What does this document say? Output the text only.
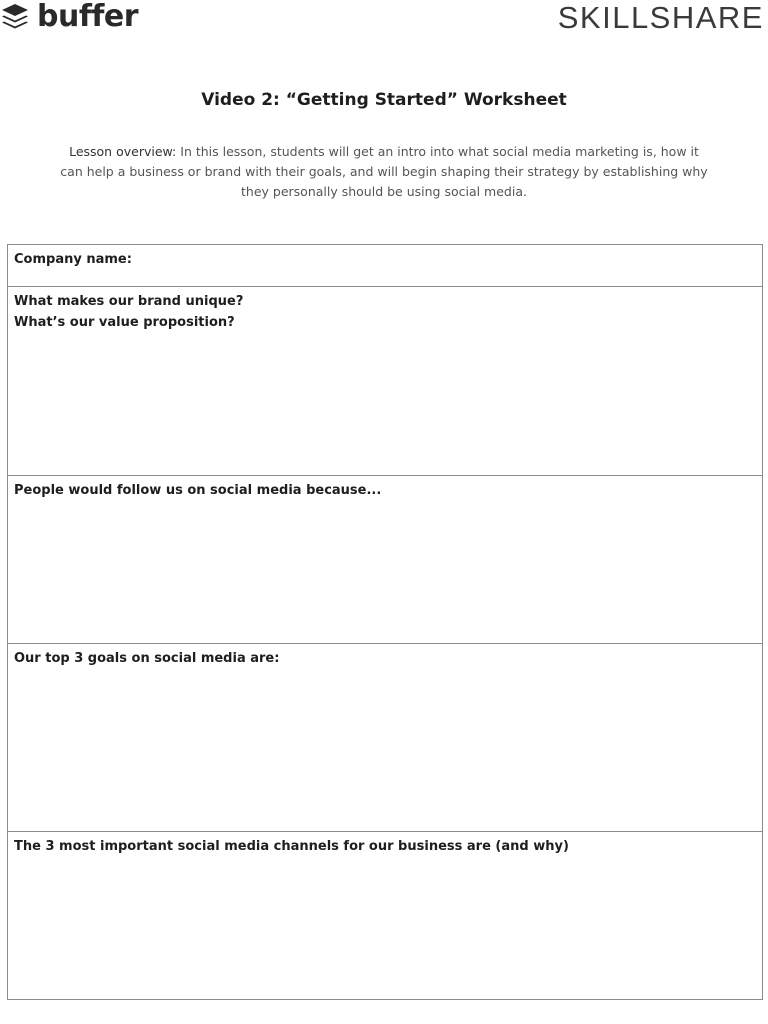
buffer	SKILLSHARE
Video 2: “Getting Started” Worksheet
Lesson overview: In this lesson, students will get an intro into what social media marketing is, how it can help a business or brand with their goals, and will begin shaping their strategy by establishing why they personally should be using social media.
Company name:
What makes our brand unique?
What’s our value proposition?
People would follow us on social media because...
Our top 3 goals on social media are:
The 3 most important social media channels for our business are (and why)
